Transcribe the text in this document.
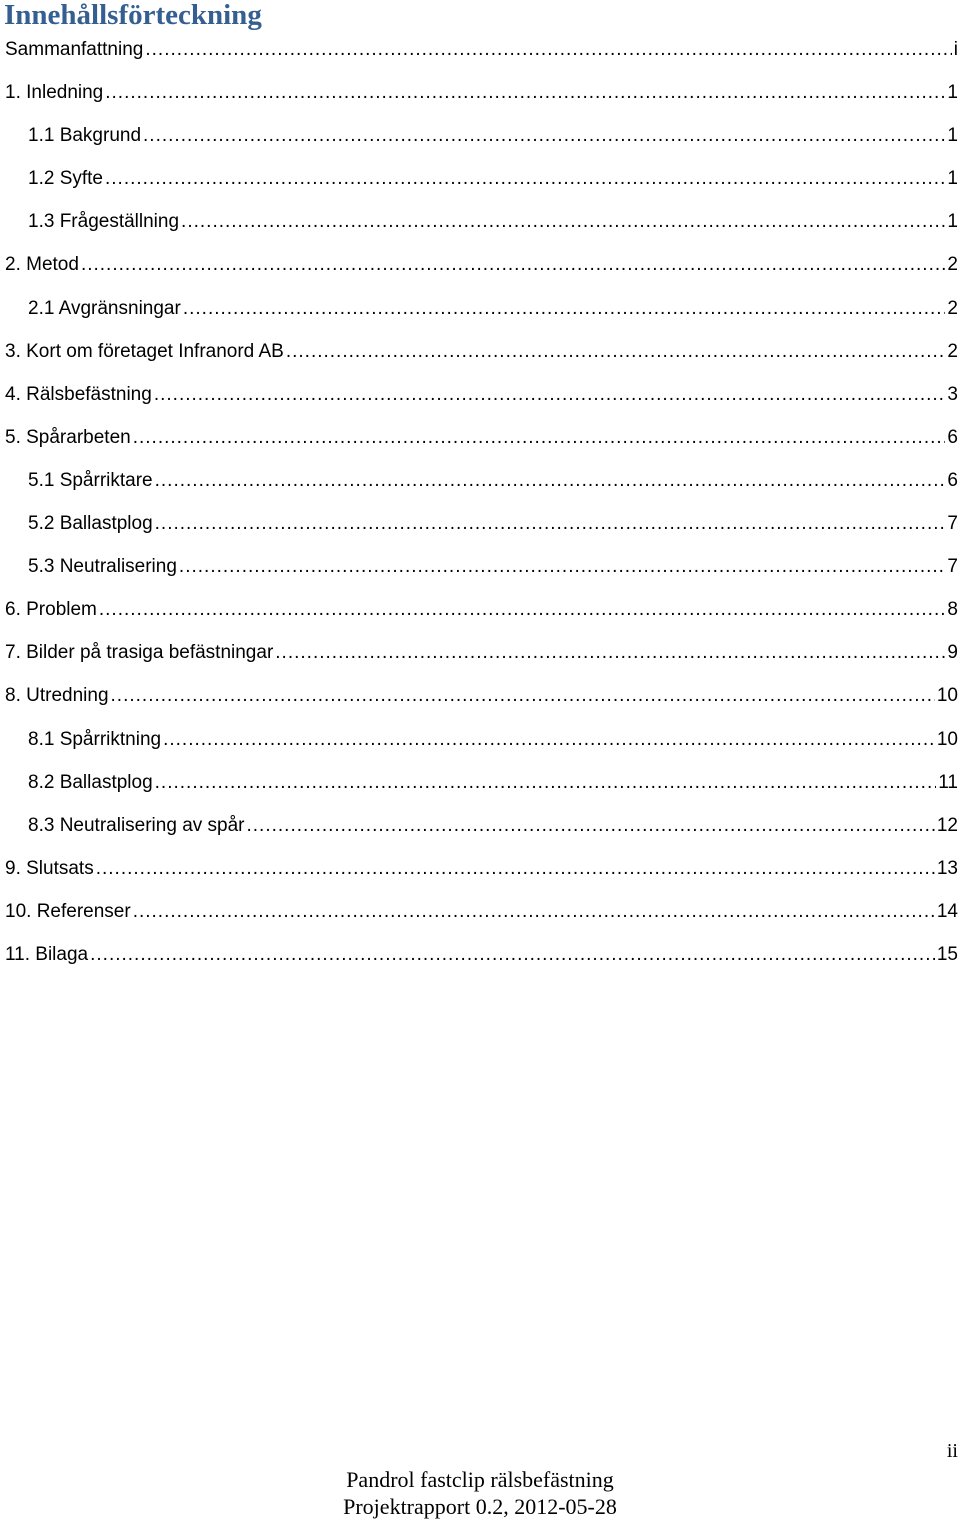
Innehållsförteckning
Sammanfattning .....	i
1. Inledning .....	1
1.1 Bakgrund .....	1
1.2 Syfte .....	1
1.3 Frågeställning .....	1
2. Metod .....	2
2.1 Avgränsningar .....	2
3. Kort om företaget Infranord AB .....	2
4. Rälsbefästning .....	3
5. Spårarbeten .....	6
5.1 Spårriktare .....	6
5.2 Ballastplog .....	7
5.3 Neutralisering .....	7
6. Problem .....	8
7. Bilder på trasiga befästningar .....	9
8. Utredning .....	10
8.1 Spårriktning .....	10
8.2 Ballastplog .....	11
8.3 Neutralisering av spår .....	12
9. Slutsats .....	13
10. Referenser .....	14
11. Bilaga .....	15
ii
Pandrol fastclip rälsbefästning
Projektrapport 0.2, 2012-05-28
